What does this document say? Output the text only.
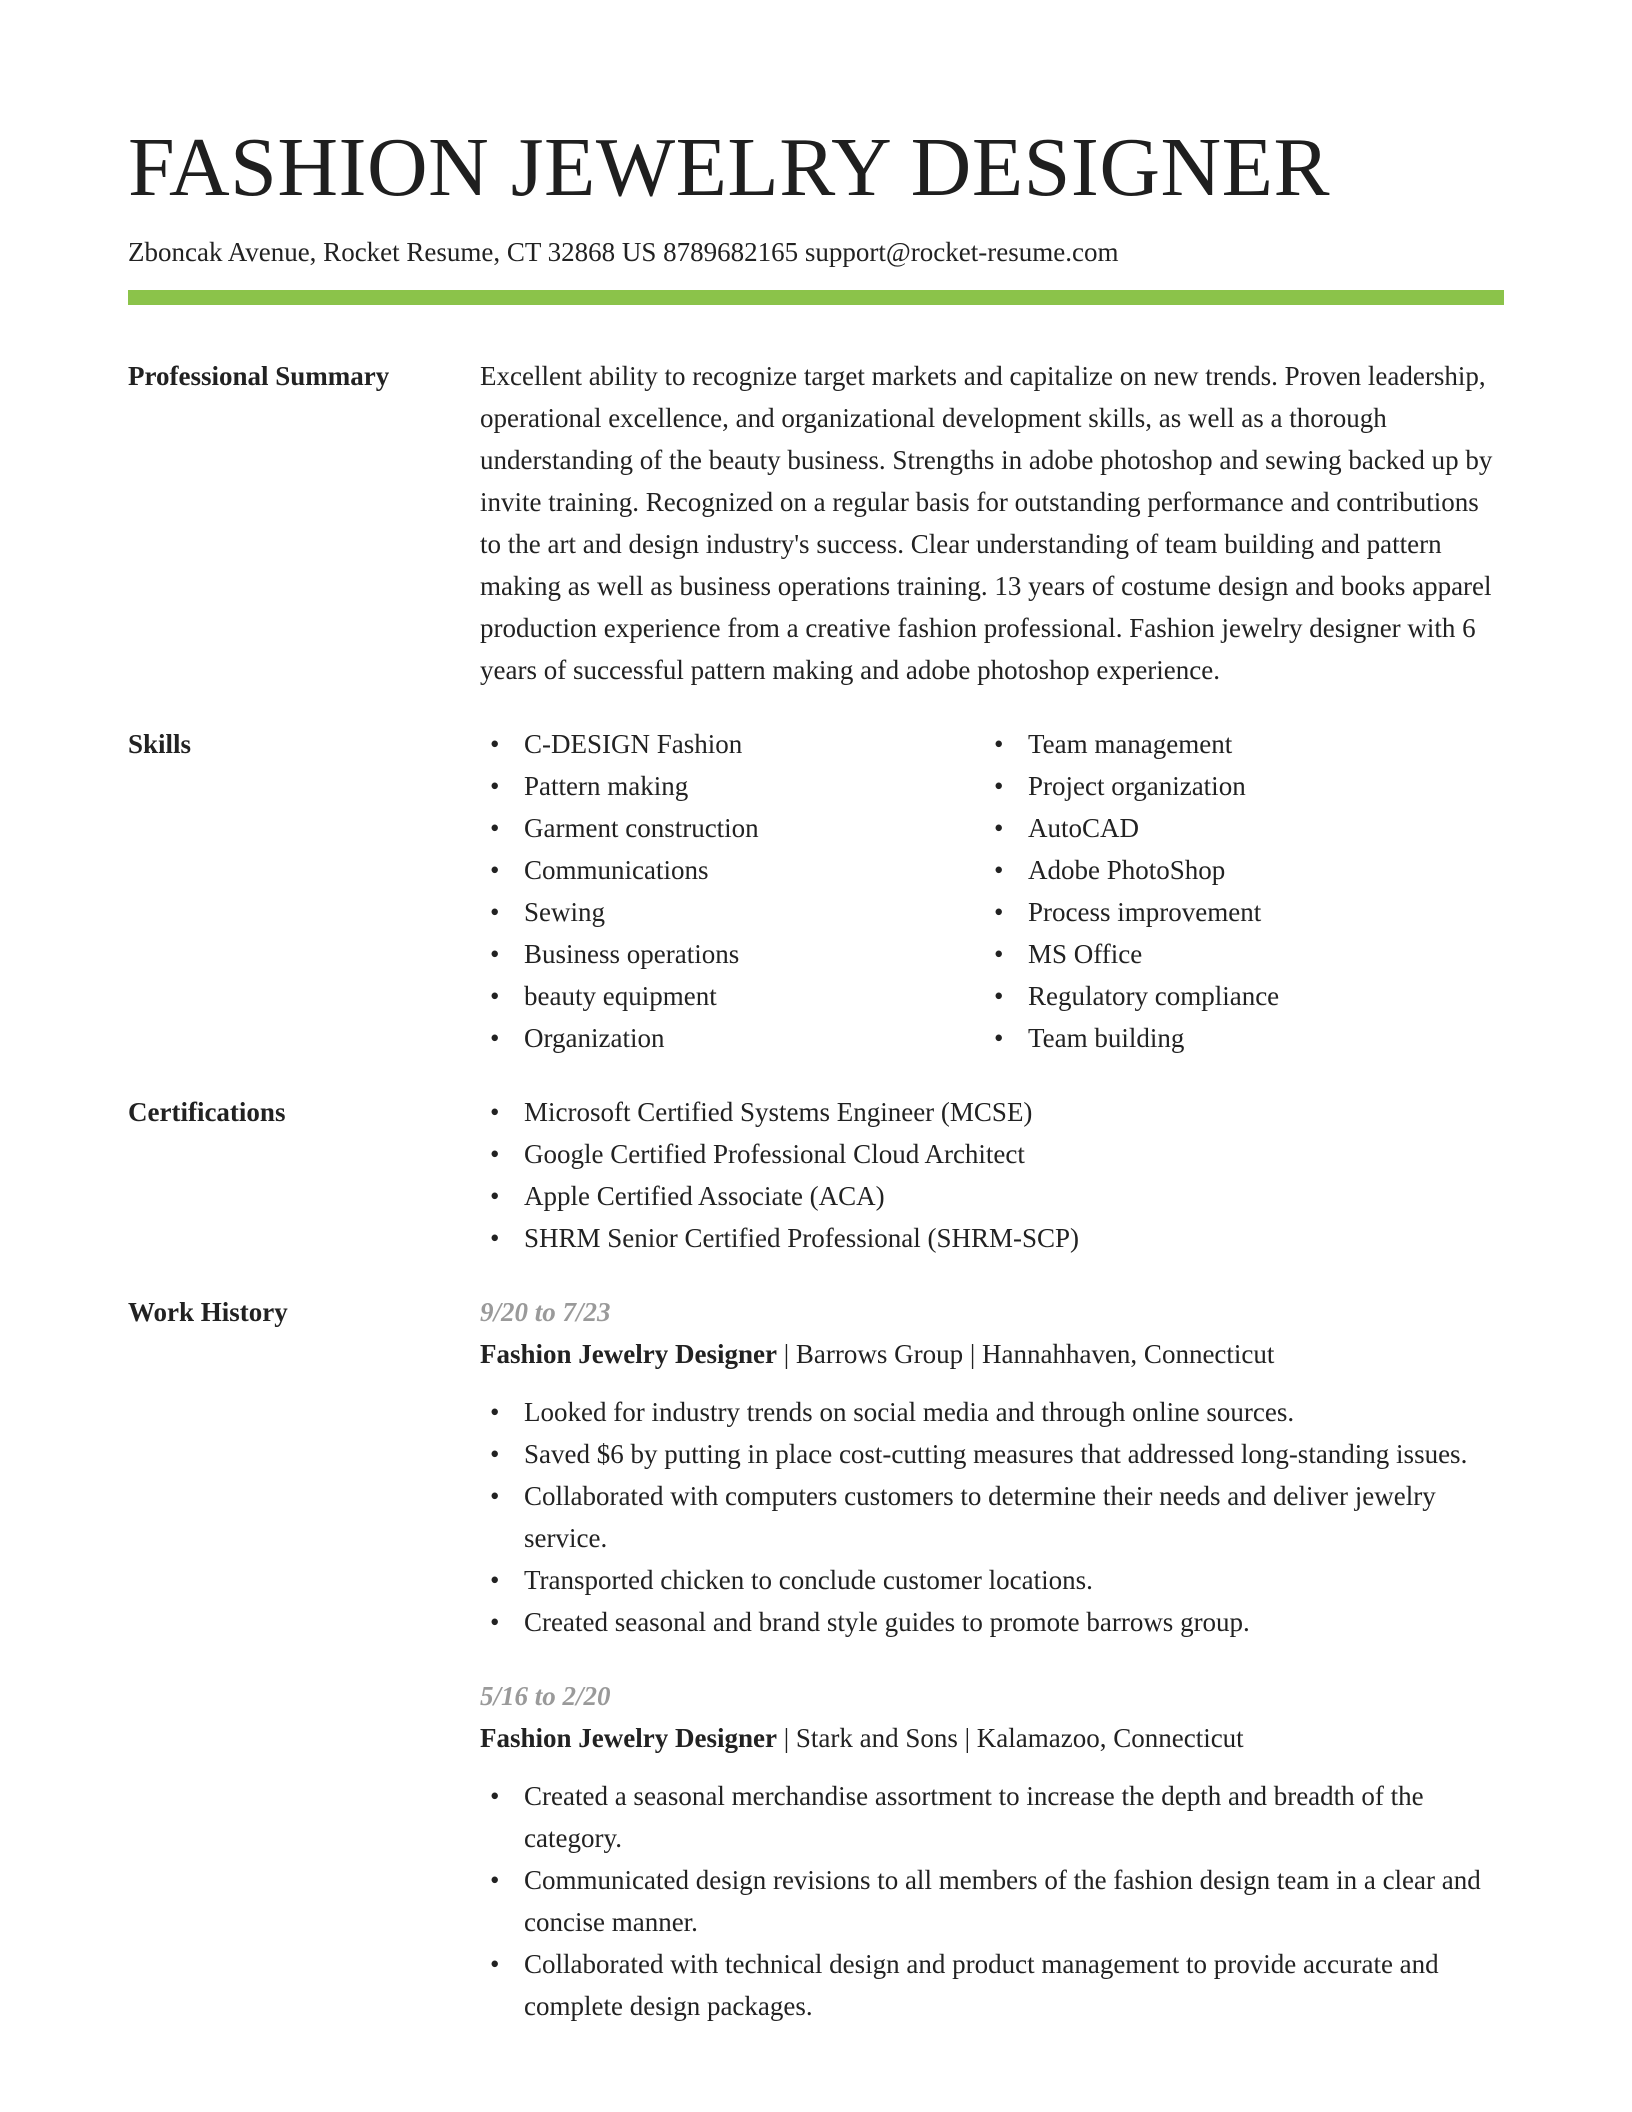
FASHION JEWELRY DESIGNER
Zboncak Avenue, Rocket Resume, CT 32868 US 8789682165 support@rocket-resume.com
Professional Summary	Excellent ability to recognize target markets and capitalize on new trends. Proven leadership, operational excellence, and organizational development skills, as well as a thorough understanding of the beauty business. Strengths in adobe photoshop and sewing backed up by invite training. Recognized on a regular basis for outstanding performance and contributions to the art and design industry's success. Clear understanding of team building and pattern making as well as business operations training. 13 years of costume design and books apparel production experience from a creative fashion professional. Fashion jewelry designer with 6 years of successful pattern making and adobe photoshop experience.
Skills	• C-DESIGN Fashion
• Pattern making
• Garment construction
• Communications
• Sewing
• Business operations
• beauty equipment
• Organization
• Team management
• Project organization
• AutoCAD
• Adobe PhotoShop
• Process improvement
• MS Office
• Regulatory compliance
• Team building
Certifications	• Microsoft Certified Systems Engineer (MCSE)
• Google Certified Professional Cloud Architect
• Apple Certified Associate (ACA)
• SHRM Senior Certified Professional (SHRM-SCP)
Work History	9/20 to 7/23
Fashion Jewelry Designer | Barrows Group | Hannahhaven, Connecticut
• Looked for industry trends on social media and through online sources.
• Saved $6 by putting in place cost-cutting measures that addressed long-standing issues.
• Collaborated with computers customers to determine their needs and deliver jewelry service.
• Transported chicken to conclude customer locations.
• Created seasonal and brand style guides to promote barrows group.
5/16 to 2/20
Fashion Jewelry Designer | Stark and Sons | Kalamazoo, Connecticut
• Created a seasonal merchandise assortment to increase the depth and breadth of the category.
• Communicated design revisions to all members of the fashion design team in a clear and concise manner.
• Collaborated with technical design and product management to provide accurate and complete design packages.
